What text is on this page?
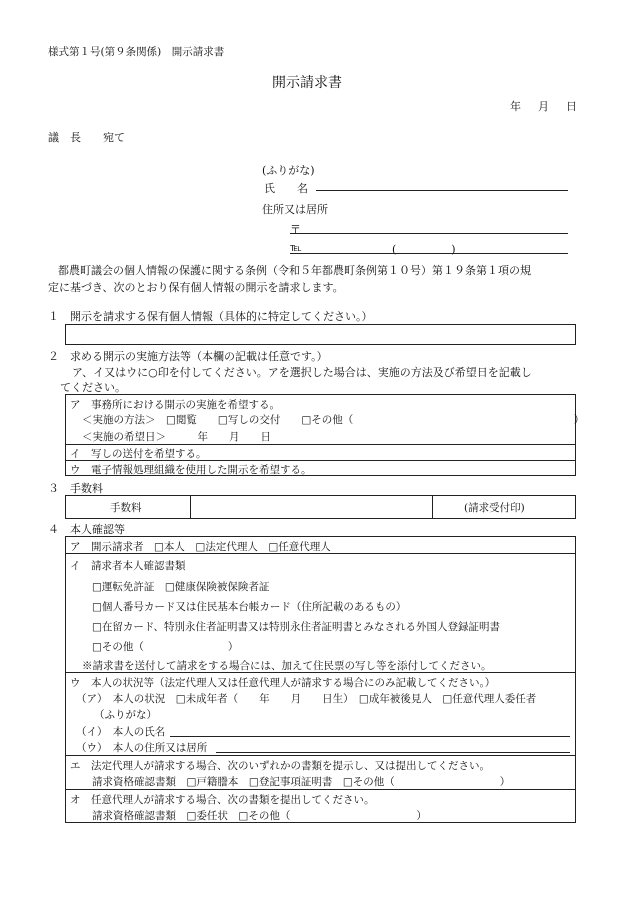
様式第１号(第９条関係)　開示請求書
開示請求書
年 月 日
議　長　　宛て
(ふりがな)
氏　　名
住所又は居所
〒
℡	(　　　　　)
都農町議会の個人情報の保護に関する条例（令和５年都農町条例第１０号）第１９条第１項の規
定に基づき、次のとおり保有個人情報の開示を請求します。
１　開示を請求する保有個人情報（具体的に特定してください。）
２　求める開示の実施方法等（本欄の記載は任意です。）
ア、イ又はウに○印を付してください。アを選択した場合は、実施の方法及び希望日を記載し
てください。
ア　事務所における開示の実施を希望する。
＜実施の方法＞　□閲覧　　□写しの交付　　□その他（　　　　　　　　　　　　　　　　　　　　　）
＜実施の希望日＞　　　年　　月　　日
イ　写しの送付を希望する。
ウ　電子情報処理組織を使用した開示を希望する。
３　手数料
手数料	(請求受付印)
４　本人確認等
ア　開示請求者　□本人　□法定代理人　□任意代理人
イ　請求者本人確認書類
□運転免許証　□健康保険被保険者証
□個人番号カード又は住民基本台帳カード（住所記載のあるもの）
□在留カード、特別永住者証明書又は特別永住者証明書とみなされる外国人登録証明書
□その他（　　　　　　　　）
※請求書を送付して請求をする場合には、加えて住民票の写し等を添付してください。
ウ　本人の状況等（法定代理人又は任意代理人が請求する場合にのみ記載してください。）
（ア）　本人の状況　□未成年者（　　年　　月　　日生）　□成年被後見人　□任意代理人委任者
（ふりがな）
（イ）　本人の氏名
（ウ）　本人の住所又は居所
エ　法定代理人が請求する場合、次のいずれかの書類を提示し、又は提出してください。
請求資格確認書類　□戸籍謄本　□登記事項証明書　□その他（　　　　　　　　　　）
オ　任意代理人が請求する場合、次の書類を提出してください。
請求資格確認書類　□委任状　□その他（　　　　　　　　　　　　）
